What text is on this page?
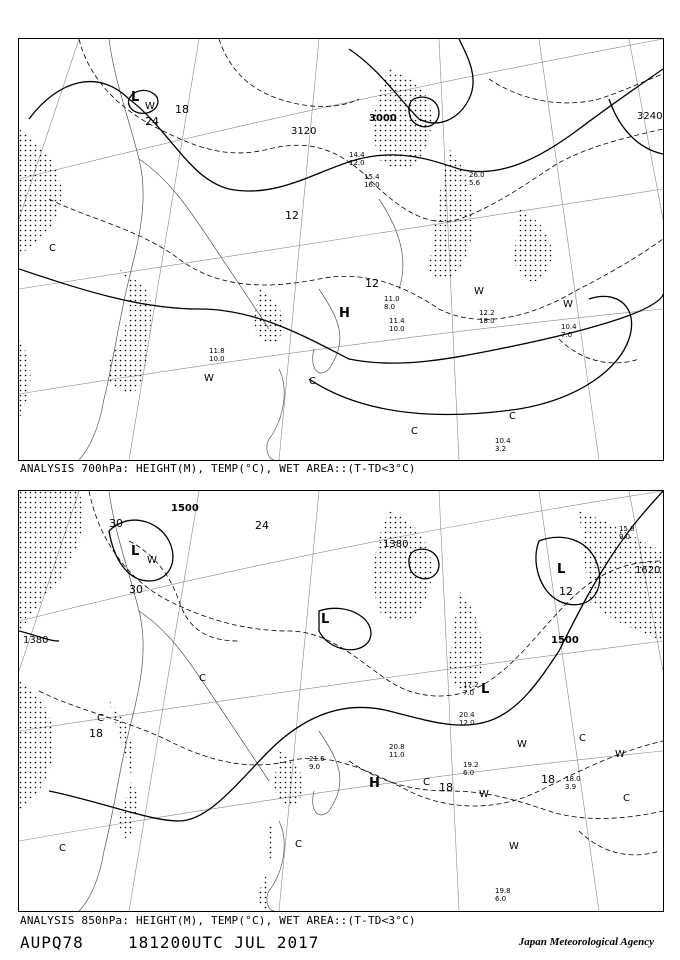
3120
3000	3240
24
18
12
12
H
L
W
W
W
W
C
C
C
C
14.4
12.0
15.4
16.0
11.0
8.0
12.2
18.0
10.4
7.0
11.4
10.0
10.4
3.2
11.8
10.0
26.0
5.6
ANALYSIS 700hPa: HEIGHT(M), TEMP(°C), WET AREA::(T-TD<3°C)
1500
1380
1380	1500
1620
24
30
30
18
12
18
18
L
L
L
L
H
W
W
W
W
W
C
C
C
C
C
C
C
19.2
6.0
18.0
3.9
19.8
6.0
20.4
12.0
20.8
11.0
17.2
7.0
21.6
9.0
15.8
9.0
ANALYSIS 850hPa: HEIGHT(M), TEMP(°C), WET AREA::(T-TD<3°C)
AUPQ78	181200UTC JUL 2017	Japan Meteorological Agency
